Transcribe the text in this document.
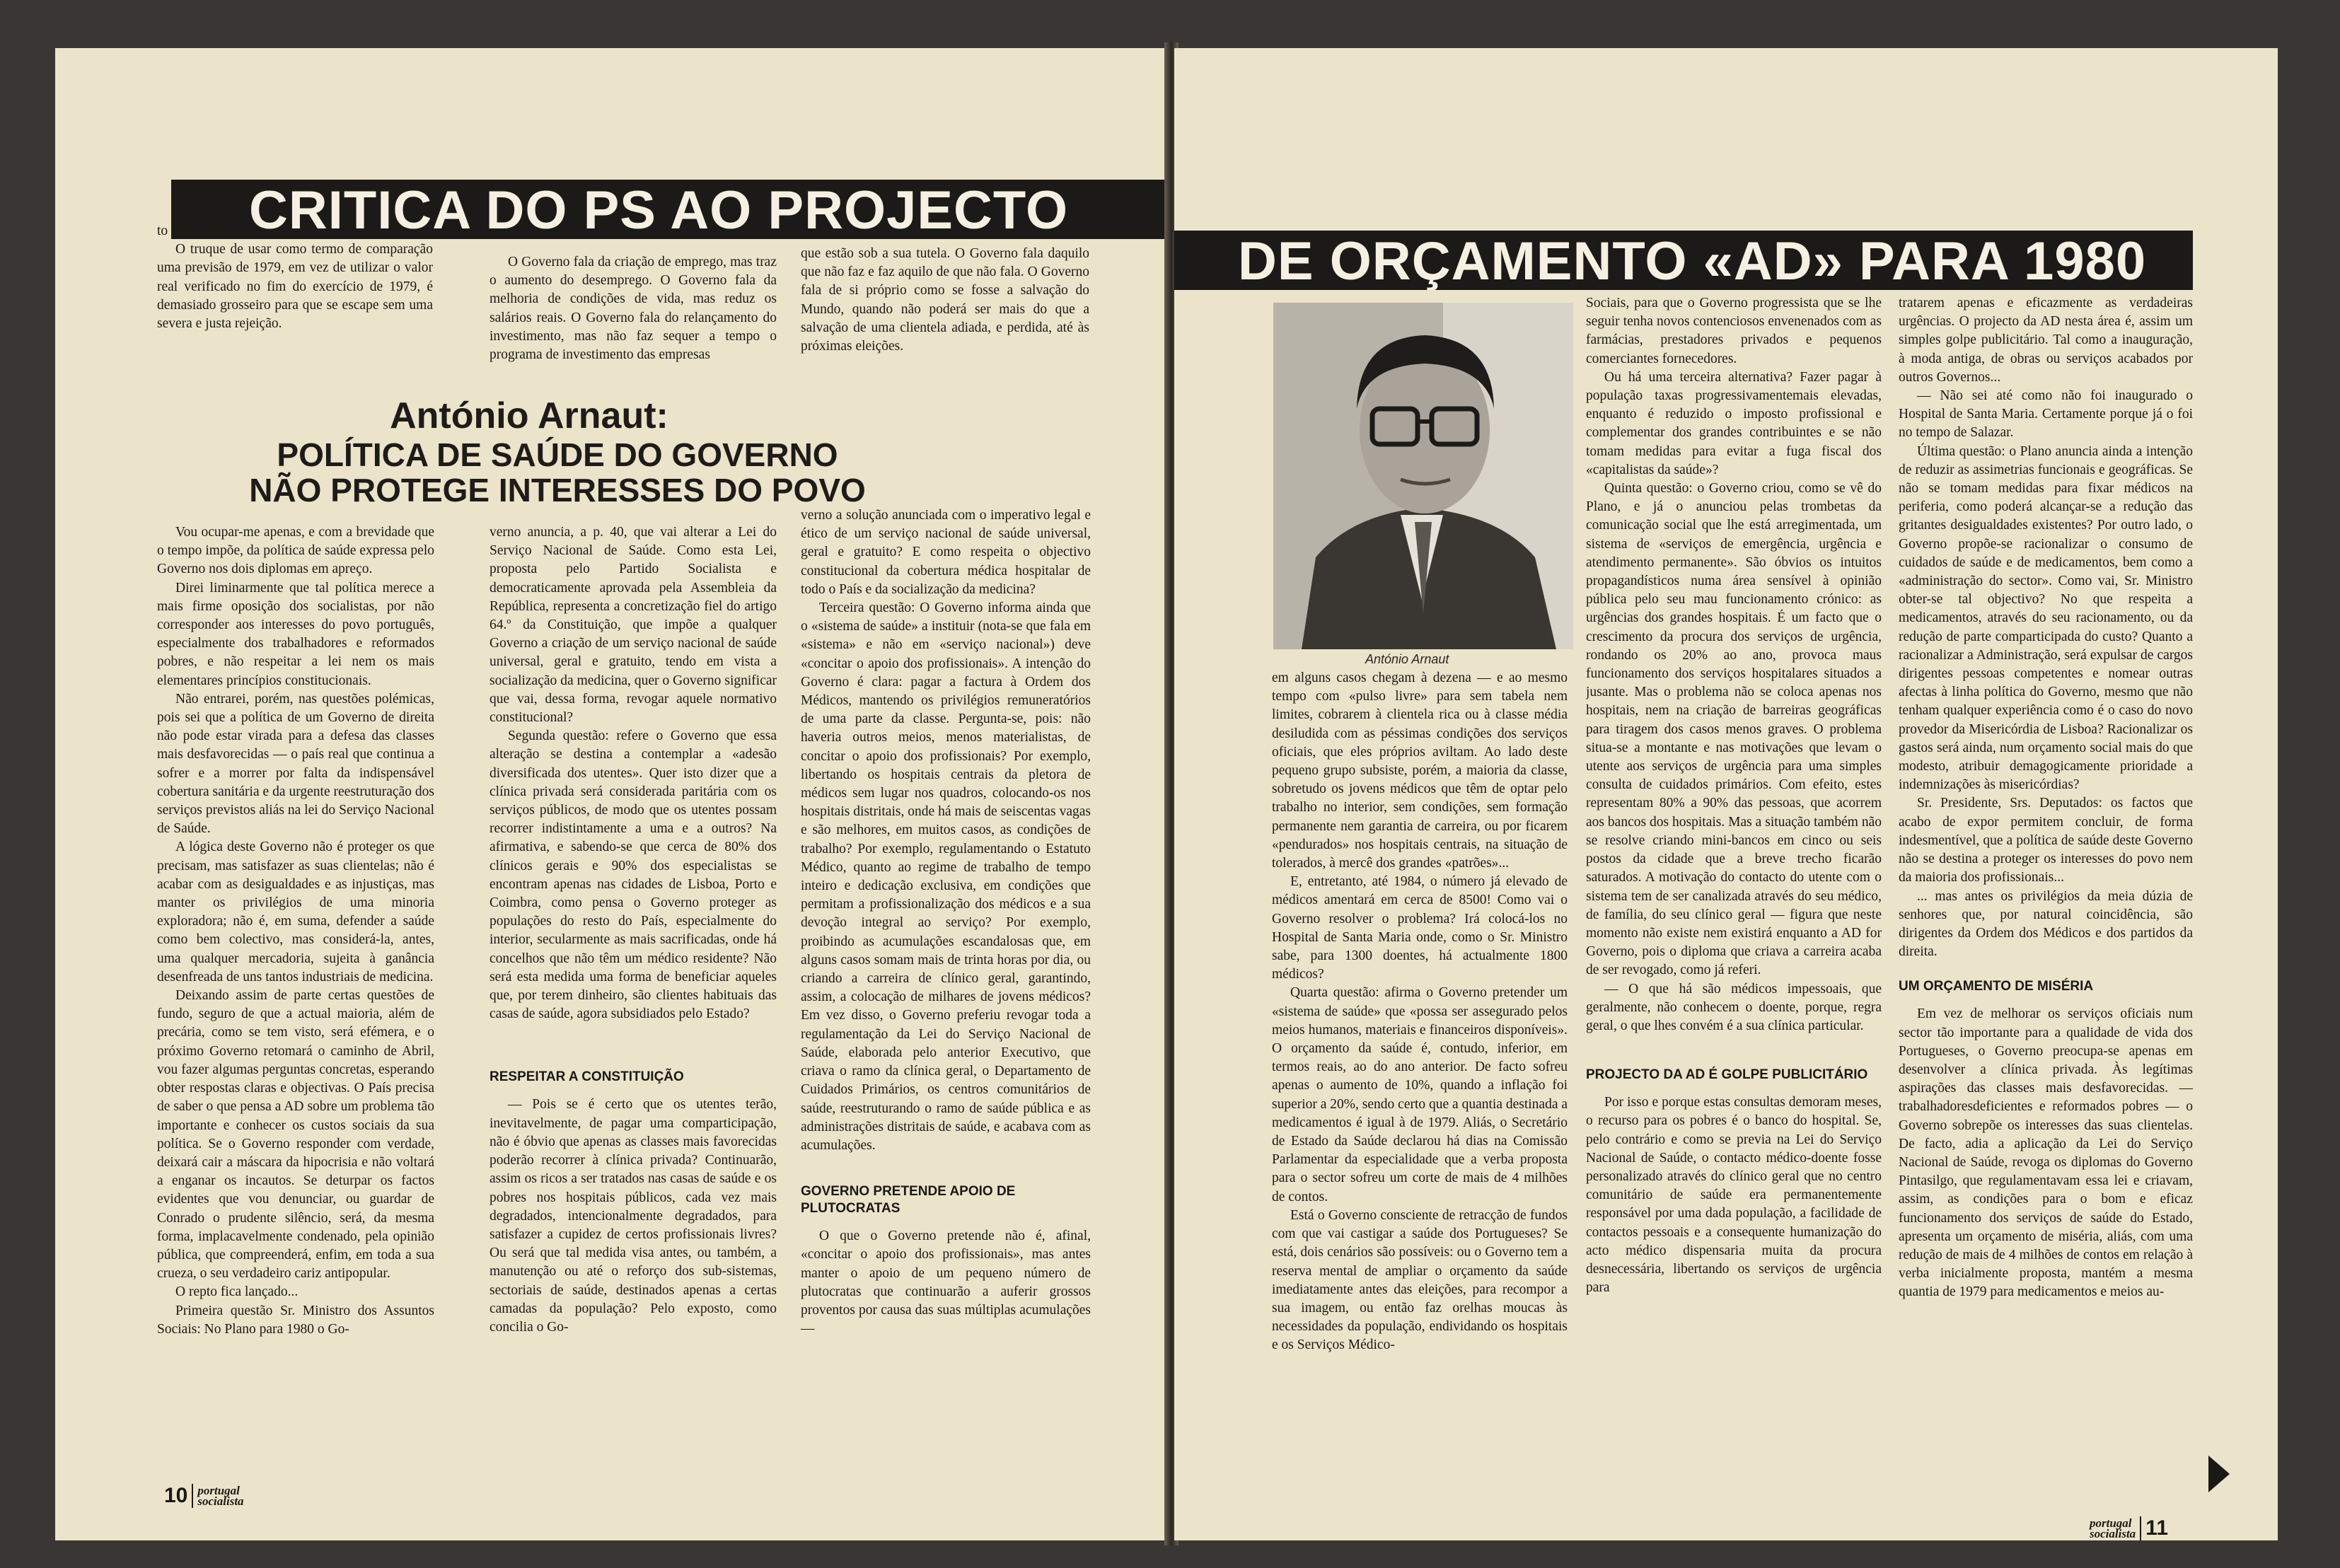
CRITICA DO PS AO PROJECTO

to mais elevado.

O truque de usar como termo de comparação uma previsão de 1979, em vez de utilizar o valor real verificado no fim do exercício de 1979, é demasiado grosseiro para que se escape sem uma severa e justa rejeição.

O Governo fala da criação de emprego, mas traz o aumento do desemprego. O Governo fala da melhoria de condições de vida, mas reduz os salários reais. O Governo fala do relançamento do investimento, mas não faz sequer a tempo o programa de investimento das empresas

que estão sob a sua tutela. O Governo fala daquilo que não faz e faz aquilo de que não fala. O Governo fala de si próprio como se fosse a salvação do Mundo, quando não poderá ser mais do que a salvação de uma clientela adiada, e perdida, até às próximas eleições.

António Arnaut:
POLÍTICA DE SAÚDE DO GOVERNO
NÃO PROTEGE INTERESSES DO POVO

Vou ocupar-me apenas, e com a brevidade que o tempo impõe, da política de saúde expressa pelo Governo nos dois diplomas em apreço.

Direi liminarmente que tal política merece a mais firme oposição dos socialistas, por não corresponder aos interesses do povo português, especialmente dos trabalhadores e reformados pobres, e não respeitar a lei nem os mais elementares princípios constitucionais.

Não entrarei, porém, nas questões polémicas, pois sei que a política de um Governo de direita não pode estar virada para a defesa das classes mais desfavorecidas — o país real que continua a sofrer e a morrer por falta da indispensável cobertura sanitária e da urgente reestruturação dos serviços previstos aliás na lei do Serviço Nacional de Saúde.

A lógica deste Governo não é proteger os que precisam, mas satisfazer as suas clientelas; não é acabar com as desigualdades e as injustiças, mas manter os privilégios de uma minoria exploradora; não é, em suma, defender a saúde como bem colectivo, mas considerá-la, antes, uma qualquer mercadoria, sujeita à ganância desenfreada de uns tantos industriais de medicina.

Deixando assim de parte certas questões de fundo, seguro de que a actual maioria, além de precária, como se tem visto, será efémera, e o próximo Governo retomará o caminho de Abril, vou fazer algumas perguntas concretas, esperando obter respostas claras e objectivas. O País precisa de saber o que pensa a AD sobre um problema tão importante e conhecer os custos sociais da sua política. Se o Governo responder com verdade, deixará cair a máscara da hipocrisia e não voltará a enganar os incautos. Se deturpar os factos evidentes que vou denunciar, ou guardar de Conrado o prudente silêncio, será, da mesma forma, implacavelmente condenado, pela opinião pública, que compreenderá, enfim, em toda a sua crueza, o seu verdadeiro cariz antipopular.

O repto fica lançado...

Primeira questão Sr. Ministro dos Assuntos Sociais: No Plano para 1980 o Go-

verno anuncia, a p. 40, que vai alterar a Lei do Serviço Nacional de Saúde. Como esta Lei, proposta pelo Partido Socialista e democraticamente aprovada pela Assembleia da República, representa a concretização fiel do artigo 64.º da Constituição, que impõe a qualquer Governo a criação de um serviço nacional de saúde universal, geral e gratuito, tendo em vista a socialização da medicina, quer o Governo significar que vai, dessa forma, revogar aquele normativo constitucional?

Segunda questão: refere o Governo que essa alteração se destina a contemplar a «adesão diversificada dos utentes». Quer isto dizer que a clínica privada será considerada paritária com os serviços públicos, de modo que os utentes possam recorrer indistintamente a uma e a outros? Na afirmativa, e sabendo-se que cerca de 80% dos clínicos gerais e 90% dos especialistas se encontram apenas nas cidades de Lisboa, Porto e Coimbra, como pensa o Governo proteger as populações do resto do País, especialmente do interior, secularmente as mais sacrificadas, onde há concelhos que não têm um médico residente? Não será esta medida uma forma de beneficiar aqueles que, por terem dinheiro, são clientes habituais das casas de saúde, agora subsidiados pelo Estado?

RESPEITAR A CONSTITUIÇÃO

— Pois se é certo que os utentes terão, inevitavelmente, de pagar uma comparticipação, não é óbvio que apenas as classes mais favorecidas poderão recorrer à clínica privada? Continuarão, assim os ricos a ser tratados nas casas de saúde e os pobres nos hospitais públicos, cada vez mais degradados, intencionalmente degradados, para satisfazer a cupidez de certos profissionais livres? Ou será que tal medida visa antes, ou também, a manutenção ou até o reforço dos sub-sistemas, sectoriais de saúde, destinados apenas a certas camadas da população? Pelo exposto, como concilia o Go-

verno a solução anunciada com o imperativo legal e ético de um serviço nacional de saúde universal, geral e gratuito? E como respeita o objectivo constitucional da cobertura médica hospitalar de todo o País e da socialização da medicina?

Terceira questão: O Governo informa ainda que o «sistema de saúde» a instituir (nota-se que fala em «sistema» e não em «serviço nacional») deve «concitar o apoio dos profissionais». A intenção do Governo é clara: pagar a factura à Ordem dos Médicos, mantendo os privilégios remuneratórios de uma parte da classe. Pergunta-se, pois: não haveria outros meios, menos materialistas, de concitar o apoio dos profissionais? Por exemplo, libertando os hospitais centrais da pletora de médicos sem lugar nos quadros, colocando-os nos hospitais distritais, onde há mais de seiscentas vagas e são melhores, em muitos casos, as condições de trabalho? Por exemplo, regulamentando o Estatuto Médico, quanto ao regime de trabalho de tempo inteiro e dedicação exclusiva, em condições que permitam a profissionalização dos médicos e a sua devoção integral ao serviço? Por exemplo, proibindo as acumulações escandalosas que, em alguns casos somam mais de trinta horas por dia, ou criando a carreira de clínico geral, garantindo, assim, a colocação de milhares de jovens médicos? Em vez disso, o Governo preferiu revogar toda a regulamentação da Lei do Serviço Nacional de Saúde, elaborada pelo anterior Executivo, que criava o ramo da clínica geral, o Departamento de Cuidados Primários, os centros comunitários de saúde, reestruturando o ramo de saúde pública e as administrações distritais de saúde, e acabava com as acumulações.

GOVERNO PRETENDE APOIO DE PLUTOCRATAS

O que o Governo pretende não é, afinal, «concitar o apoio dos profissionais», mas antes manter o apoio de um pequeno número de plutocratas que continuarão a auferir grossos proventos por causa das suas múltiplas acumulações —

10 portugal
socialista
DE ORÇAMENTO «AD» PARA 1980
António Arnaut

em alguns casos chegam à dezena — e ao mesmo tempo com «pulso livre» para sem tabela nem limites, cobrarem à clientela rica ou à classe média desiludida com as péssimas condições dos serviços oficiais, que eles próprios aviltam. Ao lado deste pequeno grupo subsiste, porém, a maioria da classe, sobretudo os jovens médicos que têm de optar pelo trabalho no interior, sem condições, sem formação permanente nem garantia de carreira, ou por ficarem «pendurados» nos hospitais centrais, na situação de tolerados, à mercê dos grandes «patrões»...

E, entretanto, até 1984, o número já elevado de médicos amentará em cerca de 8500! Como vai o Governo resolver o problema? Irá colocá-los no Hospital de Santa Maria onde, como o Sr. Ministro sabe, para 1300 doentes, há actualmente 1800 médicos?

Quarta questão: afirma o Governo pretender um «sistema de saúde» que «possa ser assegurado pelos meios humanos, materiais e financeiros disponíveis». O orçamento da saúde é, contudo, inferior, em termos reais, ao do ano anterior. De facto sofreu apenas o aumento de 10%, quando a inflação foi superior a 20%, sendo certo que a quantia destinada a medicamentos é igual à de 1979. Aliás, o Secretário de Estado da Saúde declarou há dias na Comissão Parlamentar da especialidade que a verba proposta para o sector sofreu um corte de mais de 4 milhões de contos.

Está o Governo consciente de retracção de fundos com que vai castigar a saúde dos Portugueses? Se está, dois cenários são possíveis: ou o Governo tem a reserva mental de ampliar o orçamento da saúde imediatamente antes das eleições, para recompor a sua imagem, ou então faz orelhas moucas às necessidades da população, endividando os hospitais e os Serviços Médico-

Sociais, para que o Governo progressista que se lhe seguir tenha novos contenciosos envenenados com as farmácias, prestadores privados e pequenos comerciantes fornecedores.

Ou há uma terceira alternativa? Fazer pagar à população taxas progressivamentemais elevadas, enquanto é reduzido o imposto profissional e complementar dos grandes contribuintes e se não tomam medidas para evitar a fuga fiscal dos «capitalistas da saúde»?

Quinta questão: o Governo criou, como se vê do Plano, e já o anunciou pelas trombetas da comunicação social que lhe está arregimentada, um sistema de «serviços de emergência, urgência e atendimento permanente». São óbvios os intuitos propagandísticos numa área sensível à opinião pública pelo seu mau funcionamento crónico: as urgências dos grandes hospitais. É um facto que o crescimento da procura dos serviços de urgência, rondando os 20% ao ano, provoca maus funcionamento dos serviços hospitalares situados a jusante. Mas o problema não se coloca apenas nos hospitais, nem na criação de barreiras geográficas para tiragem dos casos menos graves. O problema situa-se a montante e nas motivações que levam o utente aos serviços de urgência para uma simples consulta de cuidados primários. Com efeito, estes representam 80% a 90% das pessoas, que acorrem aos bancos dos hospitais. Mas a situação também não se resolve criando mini-bancos em cinco ou seis postos da cidade que a breve trecho ficarão saturados. A motivação do contacto do utente com o sistema tem de ser canalizada através do seu médico, de família, do seu clínico geral — figura que neste momento não existe nem existirá enquanto a AD for Governo, pois o diploma que criava a carreira acaba de ser revogado, como já referi.

— O que há são médicos impessoais, que geralmente, não conhecem o doente, porque, regra geral, o que lhes convém é a sua clínica particular.

PROJECTO DA AD É GOLPE PUBLICITÁRIO

Por isso e porque estas consultas demoram meses, o recurso para os pobres é o banco do hospital. Se, pelo contrário e como se previa na Lei do Serviço Nacional de Saúde, o contacto médico-doente fosse personalizado através do clínico geral que no centro comunitário de saúde era permanentemente responsável por uma dada população, a facilidade de contactos pessoais e a consequente humanização do acto médico dispensaria muita da procura desnecessária, libertando os serviços de urgência para

tratarem apenas e eficazmente as verdadeiras urgências. O projecto da AD nesta área é, assim um simples golpe publicitário. Tal como a inauguração, à moda antiga, de obras ou serviços acabados por outros Governos...

— Não sei até como não foi inaugurado o Hospital de Santa Maria. Certamente porque já o foi no tempo de Salazar.

Última questão: o Plano anuncia ainda a intenção de reduzir as assimetrias funcionais e geográficas. Se não se tomam medidas para fixar médicos na periferia, como poderá alcançar-se a redução das gritantes desigualdades existentes? Por outro lado, o Governo propõe-se racionalizar o consumo de cuidados de saúde e de medicamentos, bem como a «administração do sector». Como vai, Sr. Ministro obter-se tal objectivo? No que respeita a medicamentos, através do seu racionamento, ou da redução de parte comparticipada do custo? Quanto a racionalizar a Administração, será expulsar de cargos dirigentes pessoas competentes e nomear outras afectas à linha política do Governo, mesmo que não tenham qualquer experiência como é o caso do novo provedor da Misericórdia de Lisboa? Racionalizar os gastos será ainda, num orçamento social mais do que modesto, atribuir demagogicamente prioridade a indemnizações às misericórdias?

Sr. Presidente, Srs. Deputados: os factos que acabo de expor permitem concluir, de forma indesmentível, que a política de saúde deste Governo não se destina a proteger os interesses do povo nem da maioria dos profissionais...

... mas antes os privilégios da meia dúzia de senhores que, por natural coincidência, são dirigentes da Ordem dos Médicos e dos partidos da direita.

UM ORÇAMENTO DE MISÉRIA

Em vez de melhorar os serviços oficiais num sector tão importante para a qualidade de vida dos Portugueses, o Governo preocupa-se apenas em desenvolver a clínica privada. Às legítimas aspirações das classes mais desfavorecidas. — trabalhadoresdeficientes e reformados pobres — o Governo sobrepõe os interesses das suas clientelas. De facto, adia a aplicação da Lei do Serviço Nacional de Saúde, revoga os diplomas do Governo Pintasilgo, que regulamentavam essa lei e criavam, assim, as condições para o bom e eficaz funcionamento dos serviços de saúde do Estado, apresenta um orçamento de miséria, aliás, com uma redução de mais de 4 milhões de contos em relação à verba inicialmente proposta, mantém a mesma quantia de 1979 para medicamentos e meios au-

portugal
socialista 11
